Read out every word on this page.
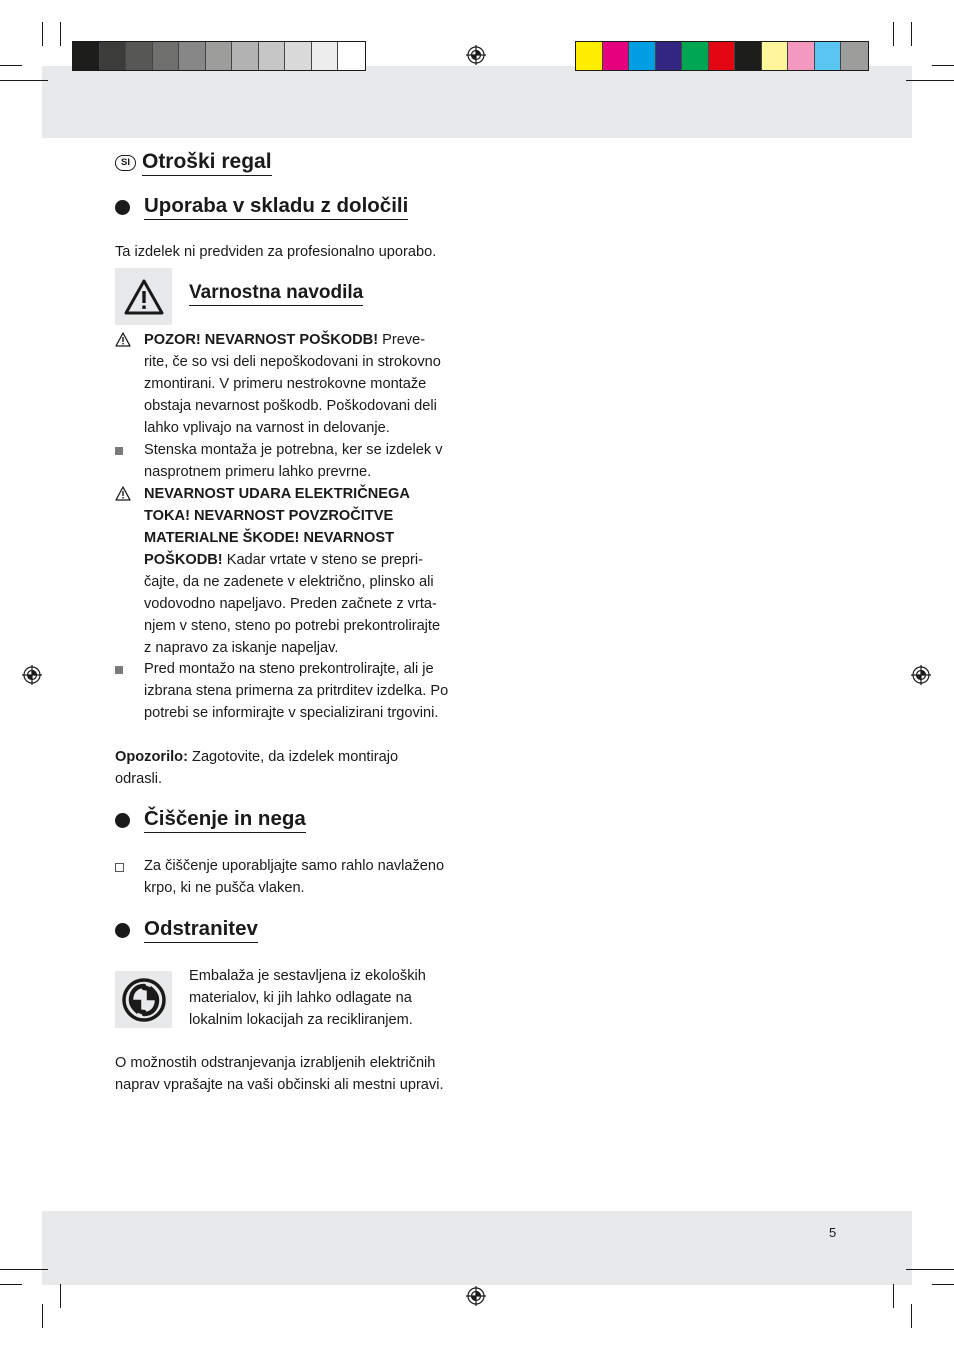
SI Otroški regal
Uporaba v skladu z določili
Ta izdelek ni predviden za profesionalno uporabo.
Varnostna navodila
POZOR! NEVARNOST POŠKODB! Preve-
rite, če so vsi deli nepoškodovani in strokovno
zmontirani. V primeru nestrokovne montaže
obstaja nevarnost poškodb. Poškodovani deli
lahko vplivajo na varnost in delovanje.
Stenska montaža je potrebna, ker se izdelek v
nasprotnem primeru lahko prevrne.
NEVARNOST UDARA ELEKTRIČNEGA
TOKA! NEVARNOST POVZROČITVE
MATERIALNE ŠKODE! NEVARNOST
POŠKODB! Kadar vrtate v steno se prepri-
čajte, da ne zadenete v električno, plinsko ali
vodovodno napeljavo. Preden začnete z vrta-
njem v steno, steno po potrebi prekontrolirajte
z napravo za iskanje napeljav.
Pred montažo na steno prekontrolirajte, ali je
izbrana stena primerna za pritrditev izdelka. Po
potrebi se informirajte v specializirani trgovini.
Opozorilo: Zagotovite, da izdelek montirajo
odrasli.
Čiščenje in nega
Za čiščenje uporabljajte samo rahlo navlaženo
krpo, ki ne pušča vlaken.
Odstranitev
Embalaža je sestavljena iz ekoloških
materialov, ki jih lahko odlagate na
lokalnim lokacijah za recikliranjem.
O možnostih odstranjevanja izrabljenih električnih
naprav vprašajte na vaši občinski ali mestni upravi.
5
